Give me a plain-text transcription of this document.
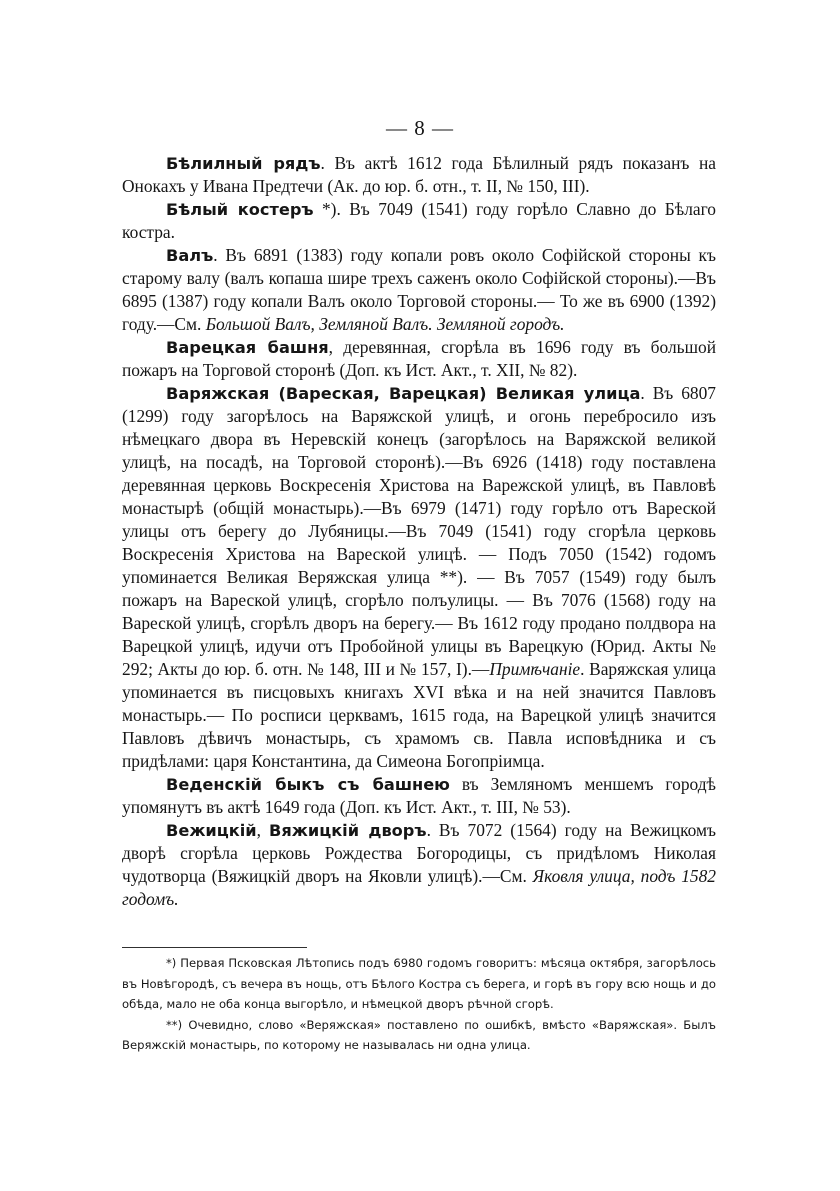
— 8 —

Бѣлилный рядъ. Въ актѣ 1612 года Бѣлилный рядъ показанъ на Онокахъ у Ивана Предтечи (Ак. до юр. б. отн., т. II, № 150, III).

Бѣлый костеръ *). Въ 7049 (1541) году горѣло Славно до Бѣлаго костра.

Валъ. Въ 6891 (1383) году копали ровъ около Софійской стороны къ старому валу (валъ копаша шире трехъ саженъ около Софійской стороны).—Въ 6895 (1387) году копали Валъ около Торговой стороны.— То же въ 6900 (1392) году.—См. Большой Валъ, Земляной Валъ. Земляной городъ.

Варецкая башня, деревянная, сгорѣла въ 1696 году въ большой пожаръ на Торговой сторонѣ (Доп. къ Ист. Акт., т. XII, № 82).

Варяжская (Вареская, Варецкая) Великая улица. Въ 6807 (1299) году загорѣлось на Варяжской улицѣ, и огонь перебросило изъ нѣмецкаго двора въ Неревскій конецъ (загорѣлось на Варяжской великой улицѣ, на посадѣ, на Торговой сторонѣ).—Въ 6926 (1418) году поставлена деревянная церковь Воскресенія Христова на Варежской улицѣ, въ Павловѣ монастырѣ (общій монастырь).—Въ 6979 (1471) году горѣло отъ Вареской улицы отъ берегу до Лубяницы.—Въ 7049 (1541) году сгорѣла церковь Воскресенія Христова на Вареской улицѣ. — Подъ 7050 (1542) годомъ упоминается Великая Веряжская улица **). — Въ 7057 (1549) году былъ пожаръ на Вареской улицѣ, сгорѣло полъулицы. — Въ 7076 (1568) году на Вареской улицѣ, сгорѣлъ дворъ на берегу.— Въ 1612 году продано полдвора на Варецкой улицѣ, идучи отъ Пробойной улицы въ Варецкую (Юрид. Акты № 292; Акты до юр. б. отн. № 148, III и № 157, I).—Примѣчаніе. Варяжская улица упоминается въ писцовыхъ книгахъ XVI вѣка и на ней значится Павловъ монастырь.— По росписи церквамъ, 1615 года, на Варецкой улицѣ значится Павловъ дѣвичъ монастырь, съ храмомъ св. Павла исповѣдника и съ придѣлами: царя Константина, да Симеона Богопріимца.

Веденскій быкъ съ башнею въ Земляномъ меншемъ городѣ упомянутъ въ актѣ 1649 года (Доп. къ Ист. Акт., т. III, № 53).

Вежицкій, Вяжицкій дворъ. Въ 7072 (1564) году на Вежицкомъ дворѣ сгорѣла церковь Рождества Богородицы, съ придѣломъ Николая чудотворца (Вяжицкій дворъ на Яковли улицѣ).—См. Яковля улица, подъ 1582 годомъ.

*) Первая Псковская Лѣтопись подъ 6980 годомъ говоритъ: мѣсяца октября, загорѣлось въ Новѣгородѣ, съ вечера въ нощь, отъ Бѣлого Костра съ берега, и горѣ въ гору всю нощь и до обѣда, мало не оба конца выгорѣло, и нѣмецкой дворъ рѣчной сгорѣ.

**) Очевидно, слово «Веряжская» поставлено по ошибкѣ, вмѣсто «Варяжская». Былъ Веряжскій монастырь, по которому не называлась ни одна улица.
